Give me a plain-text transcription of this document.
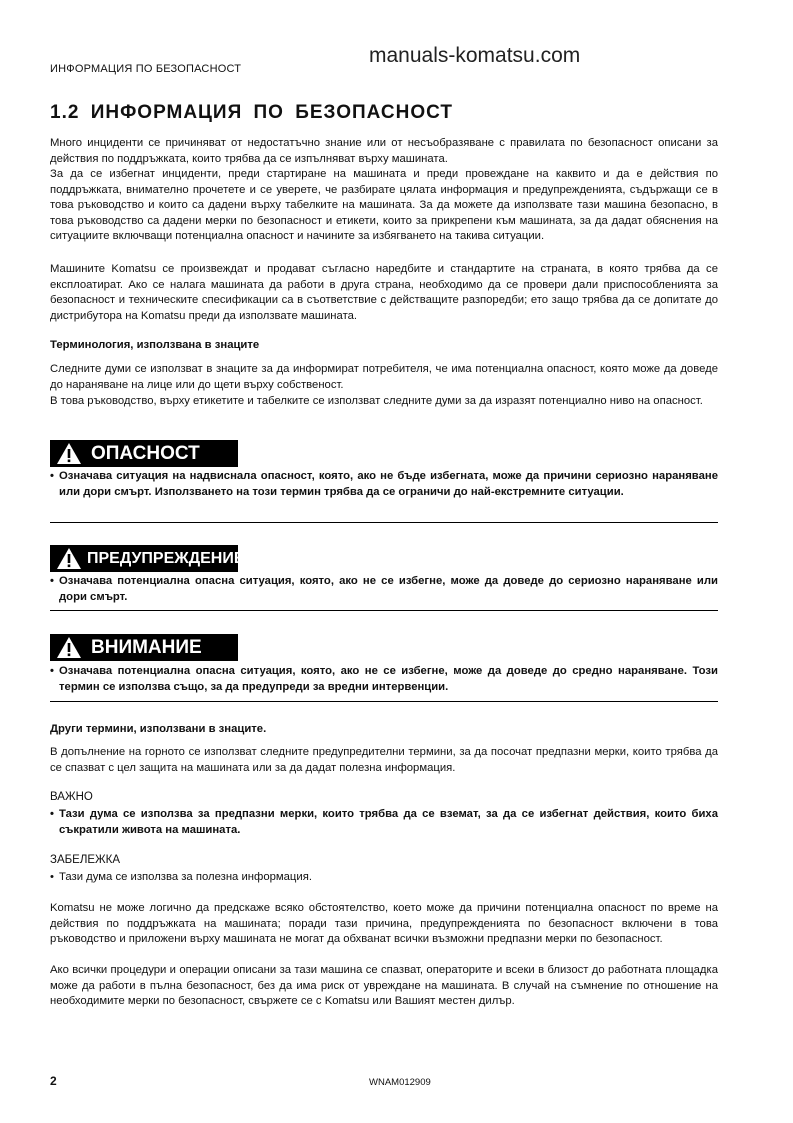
ИНФОРМАЦИЯ ПО БЕЗОПАСНОСТ
manuals-komatsu.com
1.2 ИНФОРМАЦИЯ ПО БЕЗОПАСНОСТ

Много инциденти се причиняват от недостатъчно знание или от несъобразяване с правилата по безопасност описани за действия по поддръжката, които трябва да се изпълняват върху машината.

За да се избегнат инциденти, преди стартиране на машината и преди провеждане на каквито и да е действия по поддръжката, внимателно прочетете и се уверете, че разбирате цялата информация и предупрежденията, съдържащи се в това ръководство и които са дадени върху табелките на машината. За да можете да използвате тази машина безопасно, в това ръководство са дадени мерки по безопасност и етикети, които за прикрепени към машината, за да дадат обяснения на ситуациите включващи потенциална опасност и начините за избягването на такива ситуации.

Машините Komatsu се произвеждат и продават съгласно наредбите и стандартите на страната, в която трябва да се експлоатират. Ако се налага машината да работи в друга страна, необходимо да се провери дали приспособленията за безопасност и техническите спесификации са в съответствие с действащите разпоредби; ето защо трябва да се допитате до дистрибутора на Komatsu преди да използвате машината.

Терминология, използвана в знаците

Следните думи се използват в знаците за да информират потребителя, че има потенциална опасност, която може да доведе до нараняване на лице или до щети върху собственост.

В това ръководство, върху етикетите и табелките се използват следните думи за да изразят потенциално ниво на опасност.

ОПАСНОСТ

• Означава ситуация на надвиснала опасност, която, ако не бъде избегната, може да причини сериозно нараняване или дори смърт. Използването на този термин трябва да се ограничи до най-екстремните ситуации.

ПРЕДУПРЕЖДЕНИЕ

• Означава потенциална опасна ситуация, която, ако не се избегне, може да доведе до сериозно нараняване или дори смърт.

ВНИМАНИЕ

• Означава потенциална опасна ситуация, която, ако не се избегне, може да доведе до средно нараняване. Този термин се използва също, за да предупреди за вредни интервенции.

Други термини, използвани в знаците.

В допълнение на горното се използват следните предупредителни термини, за да посочат предпазни мерки, които трябва да се спазват с цел защита на машината или за да дадат полезна информация.

ВАЖНО

• Тази дума се използва за предпазни мерки, които трябва да се вземат, за да се избегнат действия, които биха съкратили живота на машината.

ЗАБЕЛЕЖКА

• Тази дума се използва за полезна информация.

Komatsu не може логично да предскаже всяко обстоятелство, което може да причини потенциална опасност по време на действия по поддръжката на машината; поради тази причина, предупрежденията по безопасност включени в това ръководство и приложени върху машината не могат да обхванат всички възможни предпазни мерки по безопасност.

Ако всички процедури и операции описани за тази машина се спазват, операторите и всеки в близост до работната площадка може да работи в пълна безопасност, без да има риск от увреждане на машината. В случай на съмнение по отношение на необходимите мерки по безопасност, свържете се с Komatsu или Вашият местен дилър.

2	WNAM012909
